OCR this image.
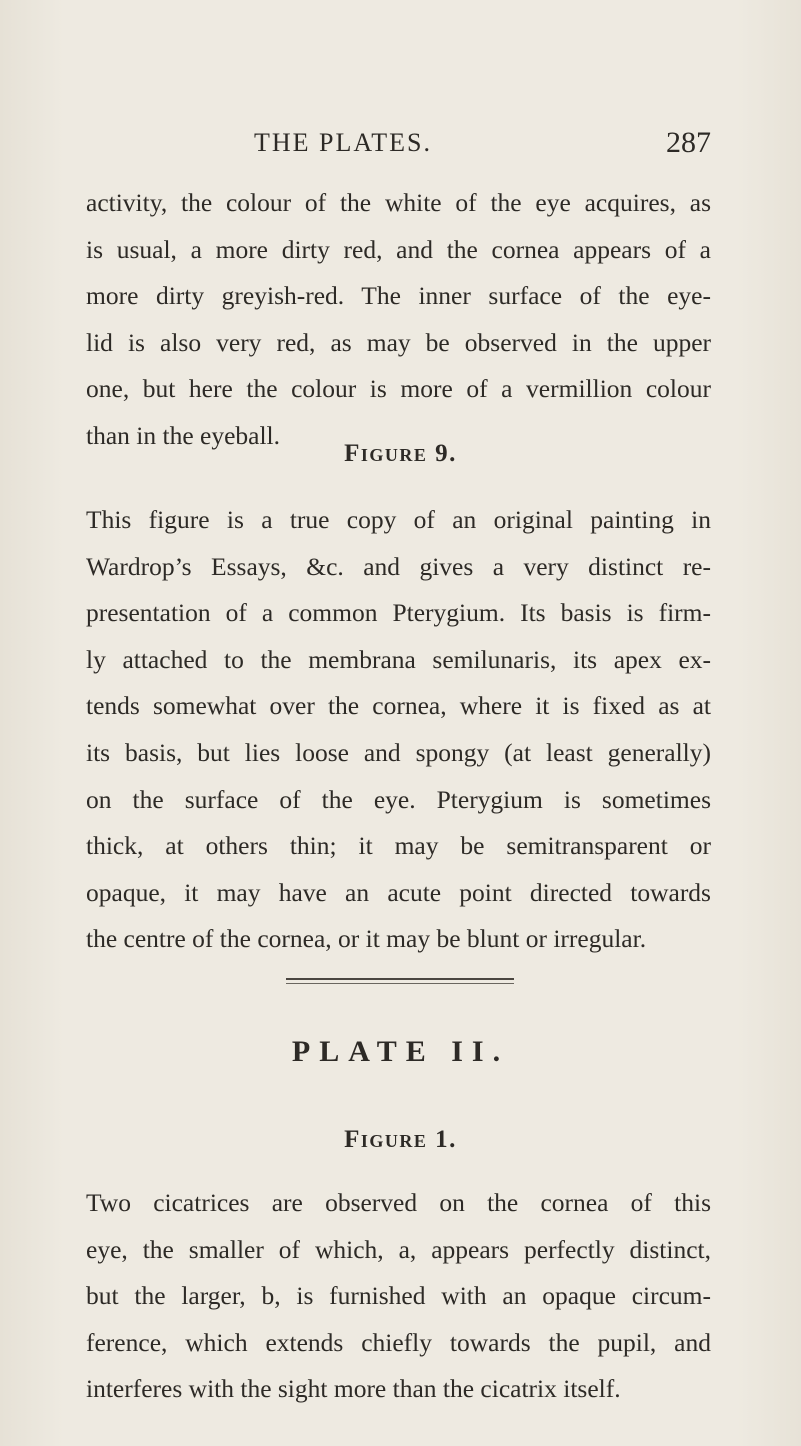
THE PLATES.	287
activity, the colour of the white of the eye acquires, as
is usual, a more dirty red, and the cornea appears of a
more dirty greyish-red. The inner surface of the eye-
lid is also very red, as may be observed in the upper
one, but here the colour is more of a vermillion colour
than in the eyeball.
Figure 9.
This figure is a true copy of an original painting in
Wardrop’s Essays, &c. and gives a very distinct re-
presentation of a common Pterygium. Its basis is firm-
ly attached to the membrana semilunaris, its apex ex-
tends somewhat over the cornea, where it is fixed as at
its basis, but lies loose and spongy (at least generally)
on the surface of the eye. Pterygium is sometimes
thick, at others thin; it may be semitransparent or
opaque, it may have an acute point directed towards
the centre of the cornea, or it may be blunt or irregular.
PLATE II.
Figure 1.
Two cicatrices are observed on the cornea of this
eye, the smaller of which, a, appears perfectly distinct,
but the larger, b, is furnished with an opaque circum-
ference, which extends chiefly towards the pupil, and
interferes with the sight more than the cicatrix itself.
